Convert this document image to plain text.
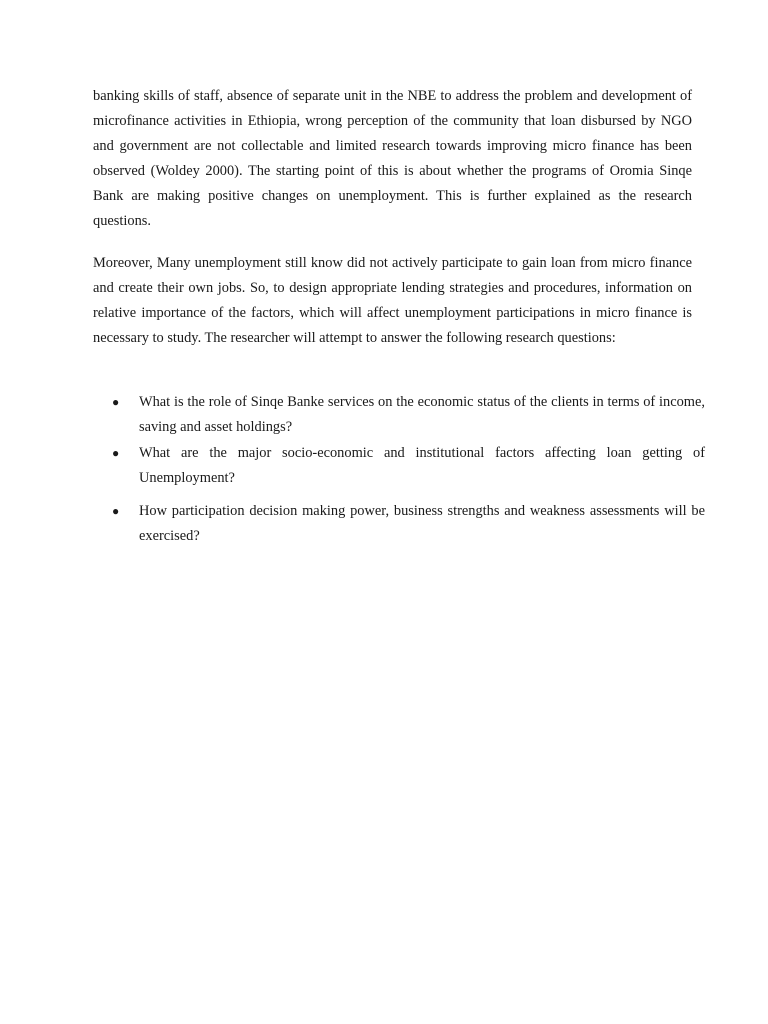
banking skills of staff, absence of separate unit in the NBE to address the problem and development of microfinance activities in Ethiopia, wrong perception of the community that loan disbursed by NGO and government are not collectable and limited research towards improving micro finance has been observed (Woldey 2000). The starting point of this is about whether the programs of Oromia Sinqe Bank are making positive changes on unemployment. This is further explained as the research questions.

Moreover, Many unemployment still know did not actively participate to gain loan from micro finance and create their own jobs. So, to design appropriate lending strategies and procedures, information on relative importance of the factors, which will affect unemployment participations in micro finance is necessary to study. The researcher will attempt to answer the following research questions:

● What is the role of Sinqe Banke services on the economic status of the clients in terms of income, saving and asset holdings?
● What are the major socio-economic and institutional factors affecting loan getting of Unemployment?
● How participation decision making power, business strengths and weakness assessments will be exercised?
